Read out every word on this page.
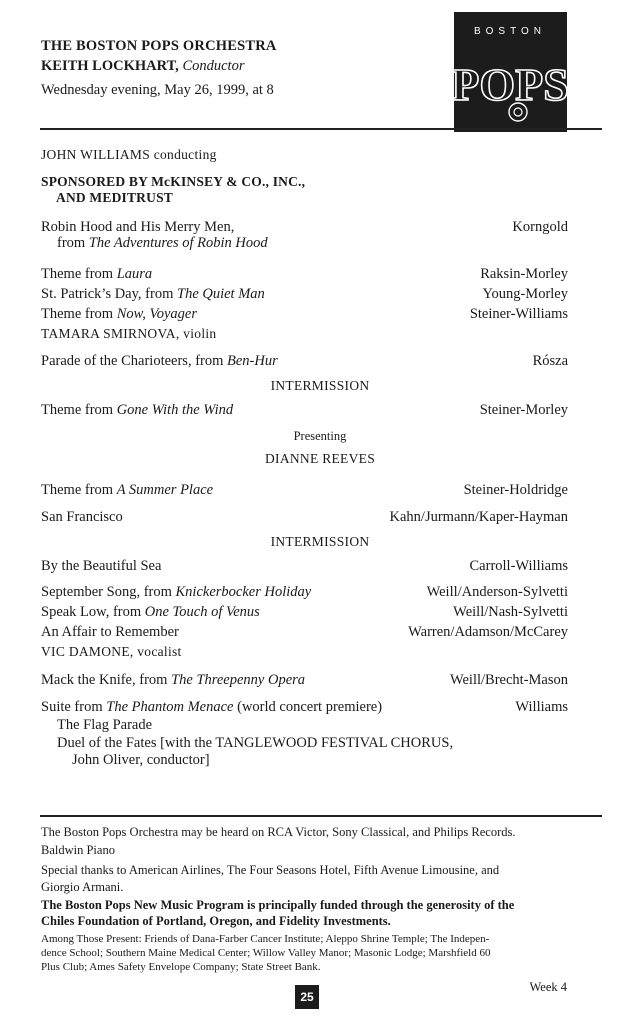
THE BOSTON POPS ORCHESTRA
KEITH LOCKHART, Conductor
Wednesday evening, May 26, 1999, at 8
BOSTON
POPS
JOHN WILLIAMS conducting
SPONSORED BY McKINSEY & CO., INC.,
AND MEDITRUST
Robin Hood and His Merry Men,
from The Adventures of Robin Hood
Korngold
Theme from Laura	Raksin-Morley
St. Patrick’s Day, from The Quiet Man	Young-Morley
Theme from Now, Voyager	Steiner-Williams
TAMARA SMIRNOVA, violin
Parade of the Charioteers, from Ben-Hur	Rósza
INTERMISSION
Theme from Gone With the Wind	Steiner-Morley
Presenting
DIANNE REEVES
Theme from A Summer Place	Steiner-Holdridge
San Francisco	Kahn/Jurmann/Kaper-Hayman
INTERMISSION
By the Beautiful Sea	Carroll-Williams
September Song, from Knickerbocker Holiday	Weill/Anderson-Sylvetti
Speak Low, from One Touch of Venus	Weill/Nash-Sylvetti
An Affair to Remember	Warren/Adamson/McCarey
VIC DAMONE, vocalist
Mack the Knife, from The Threepenny Opera	Weill/Brecht-Mason
Suite from The Phantom Menace (world concert premiere)	Williams
The Flag Parade
Duel of the Fates [with the TANGLEWOOD FESTIVAL CHORUS,
John Oliver, conductor]
The Boston Pops Orchestra may be heard on RCA Victor, Sony Classical, and Philips Records.
Baldwin Piano
Special thanks to American Airlines, The Four Seasons Hotel, Fifth Avenue Limousine, and
Giorgio Armani.
The Boston Pops New Music Program is principally funded through the generosity of the
Chiles Foundation of Portland, Oregon, and Fidelity Investments.
Among Those Present: Friends of Dana-Farber Cancer Institute; Aleppo Shrine Temple; The Indepen-
dence School; Southern Maine Medical Center; Willow Valley Manor; Masonic Lodge; Marshfield 60
Plus Club; Ames Safety Envelope Company; State Street Bank.
25
Week 4
